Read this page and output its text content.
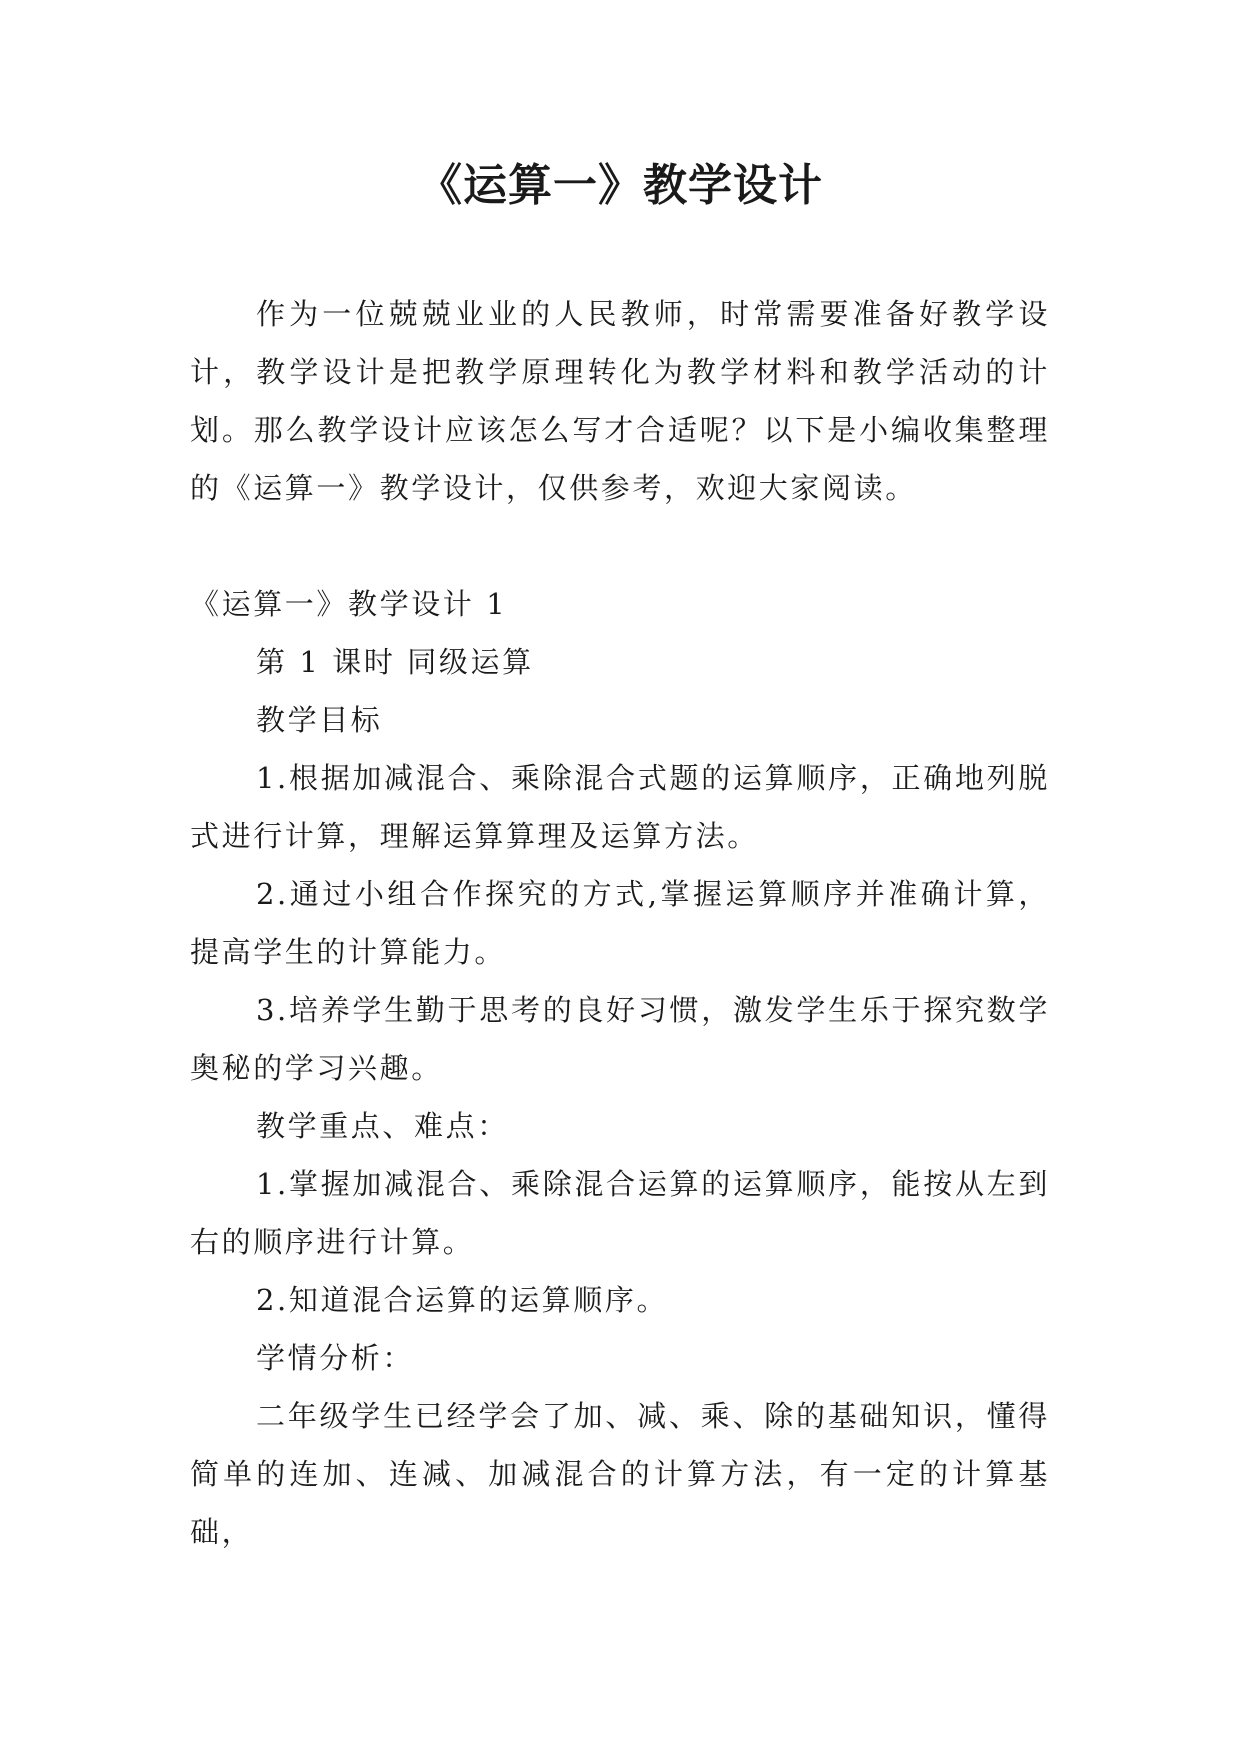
《运算一》教学设计

作为一位兢兢业业的人民教师，时常需要准备好教学设计，教学设计是把教学原理转化为教学材料和教学活动的计划。那么教学设计应该怎么写才合适呢？以下是小编收集整理的《运算一》教学设计，仅供参考，欢迎大家阅读。

《运算一》教学设计 1

第 1 课时 同级运算

教学目标

1.根据加减混合、乘除混合式题的运算顺序，正确地列脱式进行计算，理解运算算理及运算方法。

2.通过小组合作探究的方式,掌握运算顺序并准确计算，提高学生的计算能力。

3.培养学生勤于思考的良好习惯，激发学生乐于探究数学奥秘的学习兴趣。

教学重点、难点：

1.掌握加减混合、乘除混合运算的运算顺序，能按从左到右的顺序进行计算。

2.知道混合运算的运算顺序。

学情分析：

二年级学生已经学会了加、减、乘、除的基础知识，懂得简单的连加、连减、加减混合的计算方法，有一定的计算基础，
